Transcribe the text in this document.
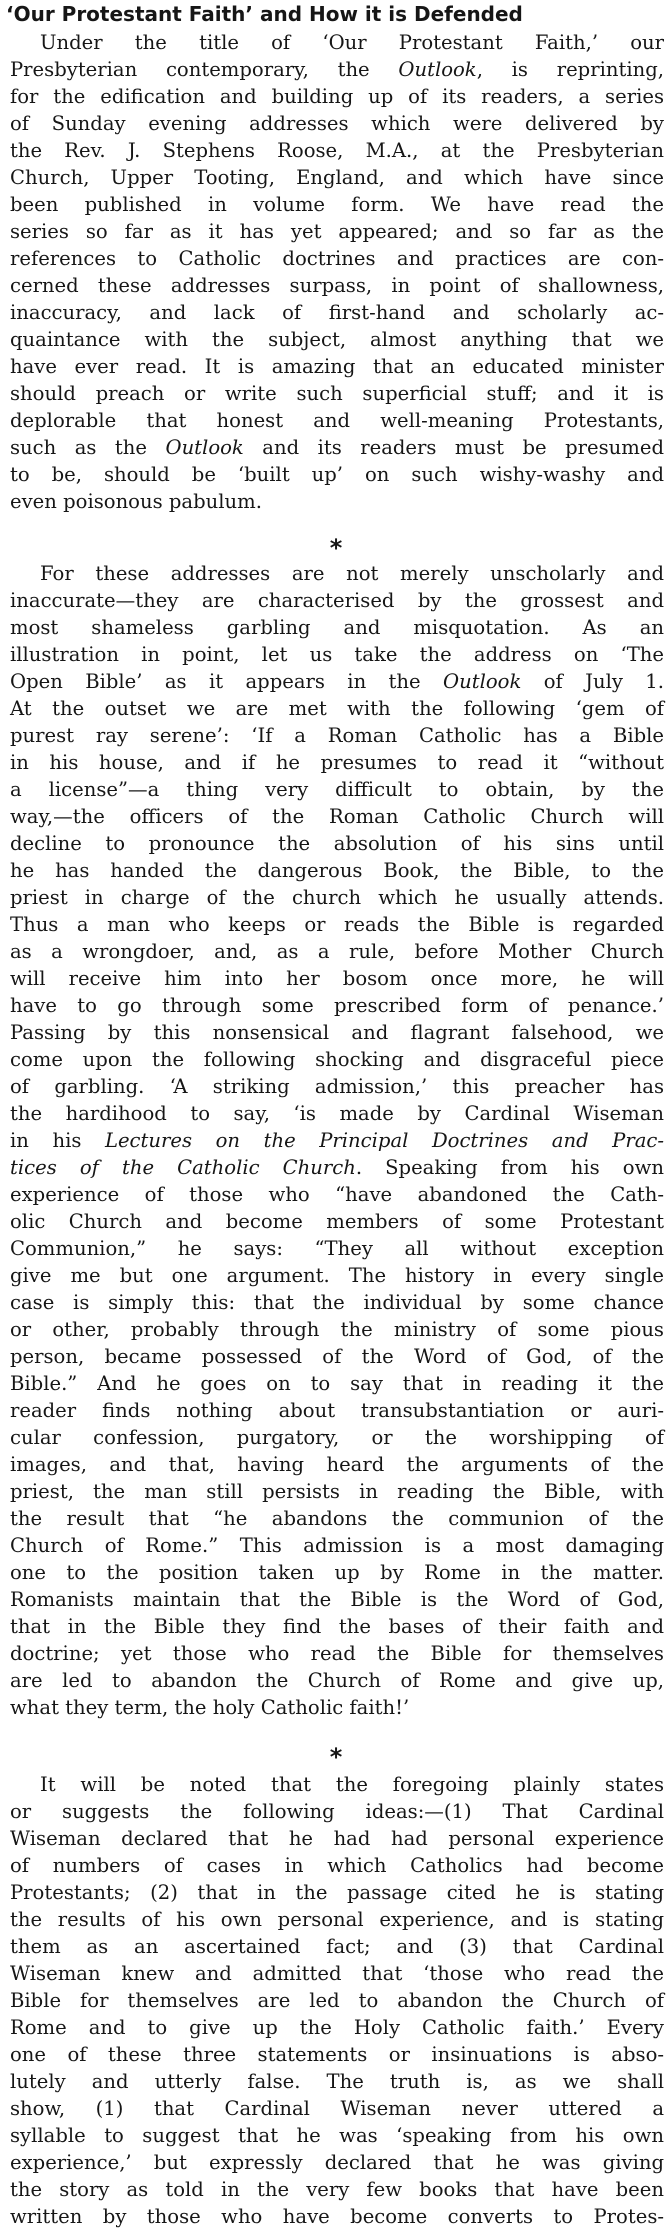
‘Our Protestant Faith’ and How it is Defended
Under the title of ‘Our Protestant Faith,’ our
Presbyterian contemporary, the Outlook, is reprinting,
for the edification and building up of its readers, a series
of Sunday evening addresses which were delivered by
the Rev. J. Stephens Roose, M.A., at the Presbyterian
Church, Upper Tooting, England, and which have since
been published in volume form. We have read the
series so far as it has yet appeared; and so far as the
references to Catholic doctrines and practices are con-
cerned these addresses surpass, in point of shallowness,
inaccuracy, and lack of first-hand and scholarly ac-
quaintance with the subject, almost anything that we
have ever read. It is amazing that an educated minister
should preach or write such superficial stuff; and it is
deplorable that honest and well-meaning Protestants,
such as the Outlook and its readers must be presumed
to be, should be ‘built up’ on such wishy-washy and
even poisonous pabulum.
*
For these addresses are not merely unscholarly and
inaccurate—they are characterised by the grossest and
most shameless garbling and misquotation. As an
illustration in point, let us take the address on ‘The
Open Bible’ as it appears in the Outlook of July 1.
At the outset we are met with the following ‘gem of
purest ray serene’: ‘If a Roman Catholic has a Bible
in his house, and if he presumes to read it “without
a license”—a thing very difficult to obtain, by the
way,—the officers of the Roman Catholic Church will
decline to pronounce the absolution of his sins until
he has handed the dangerous Book, the Bible, to the
priest in charge of the church which he usually attends.
Thus a man who keeps or reads the Bible is regarded
as a wrongdoer, and, as a rule, before Mother Church
will receive him into her bosom once more, he will
have to go through some prescribed form of penance.’
Passing by this nonsensical and flagrant falsehood, we
come upon the following shocking and disgraceful piece
of garbling. ‘A striking admission,’ this preacher has
the hardihood to say, ‘is made by Cardinal Wiseman
in his Lectures on the Principal Doctrines and Prac-
tices of the Catholic Church. Speaking from his own
experience of those who “have abandoned the Cath-
olic Church and become members of some Protestant
Communion,” he says: “They all without exception
give me but one argument. The history in every single
case is simply this: that the individual by some chance
or other, probably through the ministry of some pious
person, became possessed of the Word of God, of the
Bible.” And he goes on to say that in reading it the
reader finds nothing about transubstantiation or auri-
cular confession, purgatory, or the worshipping of
images, and that, having heard the arguments of the
priest, the man still persists in reading the Bible, with
the result that “he abandons the communion of the
Church of Rome.” This admission is a most damaging
one to the position taken up by Rome in the matter.
Romanists maintain that the Bible is the Word of God,
that in the Bible they find the bases of their faith and
doctrine; yet those who read the Bible for themselves
are led to abandon the Church of Rome and give up,
what they term, the holy Catholic faith!’
*
It will be noted that the foregoing plainly states
or suggests the following ideas:—(1) That Cardinal
Wiseman declared that he had had personal experience
of numbers of cases in which Catholics had become
Protestants; (2) that in the passage cited he is stating
the results of his own personal experience, and is stating
them as an ascertained fact; and (3) that Cardinal
Wiseman knew and admitted that ‘those who read the
Bible for themselves are led to abandon the Church of
Rome and to give up the Holy Catholic faith.’ Every
one of these three statements or insinuations is abso-
lutely and utterly false. The truth is, as we shall
show, (1) that Cardinal Wiseman never uttered a
syllable to suggest that he was ‘speaking from his own
experience,’ but expressly declared that he was giving
the story as told in the very few books that have been
written by those who have become converts to Protes-
